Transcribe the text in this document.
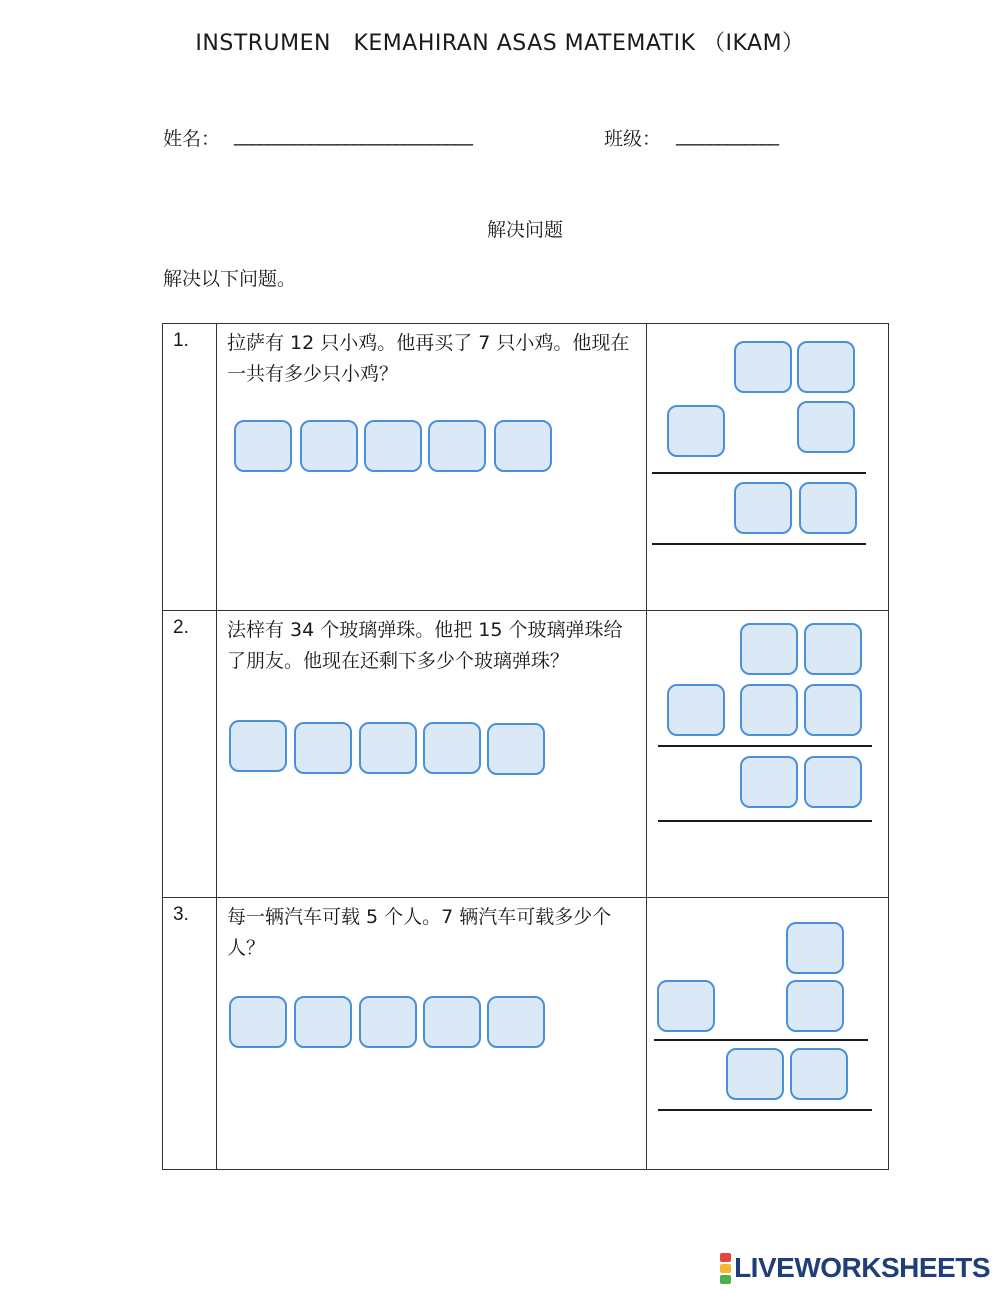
INSTRUMEN   KEMAHIRAN ASAS MATEMATIK （IKAM）
姓名： ____________________________	班级： ____________
解决问题
解决以下问题。
1.	拉萨有 12 只小鸡。他再买了 7 只小鸡。他现在一共有多少只小鸡？	

2.	法梓有 34 个玻璃弹珠。他把 15 个玻璃弹珠给了朋友。他现在还剩下多少个玻璃弹珠？	

3.	每一辆汽车可载 5 个人。7 辆汽车可载多少个人？	

LIVEWORKSHEETS
